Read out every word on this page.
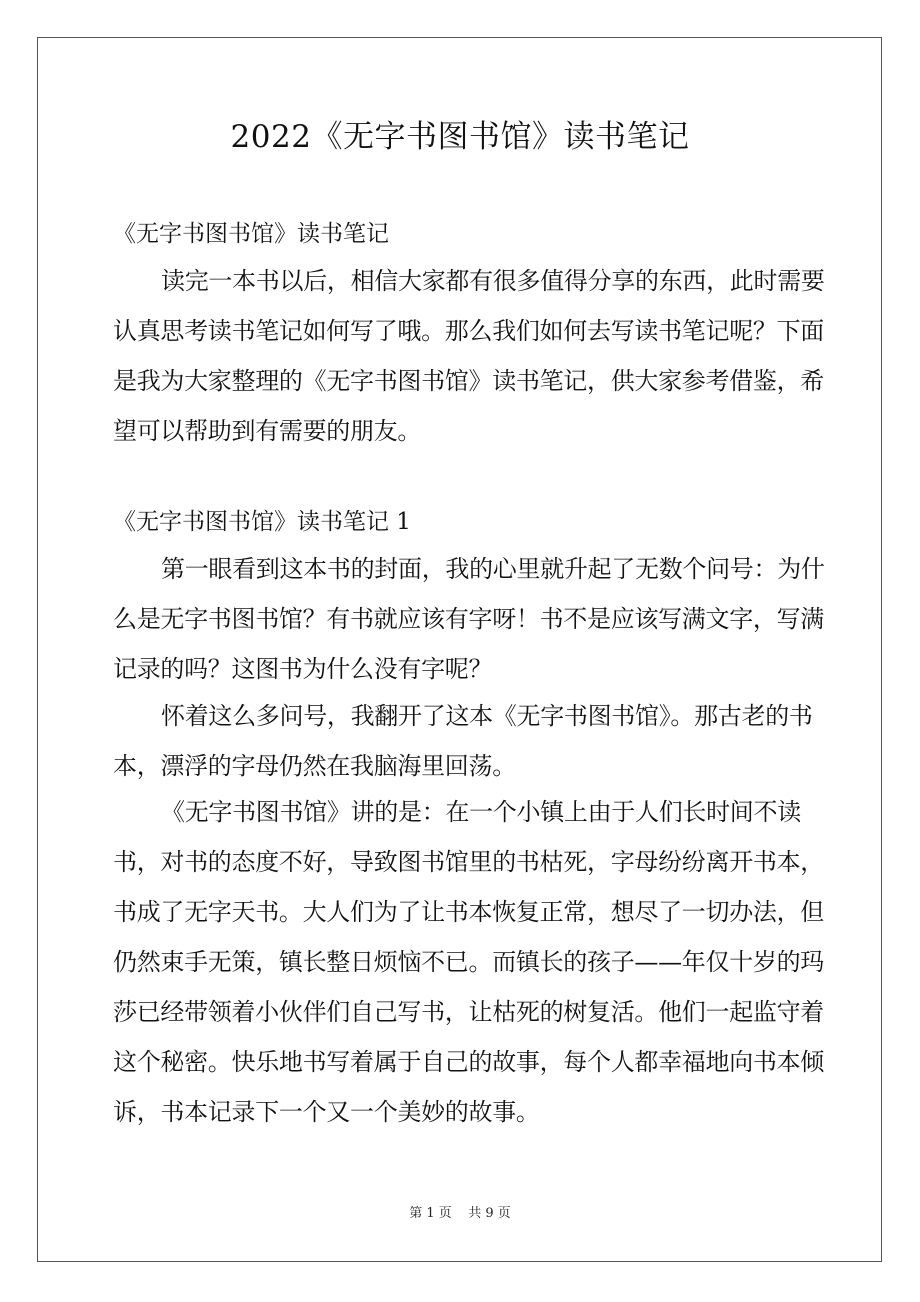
2022《无字书图书馆》读书笔记
《无字书图书馆》读书笔记

读完一本书以后，相信大家都有很多值得分享的东西，此时需要认真思考读书笔记如何写了哦。那么我们如何去写读书笔记呢？下面是我为大家整理的《无字书图书馆》读书笔记，供大家参考借鉴，希望可以帮助到有需要的朋友。

《无字书图书馆》读书笔记 1

第一眼看到这本书的封面，我的心里就升起了无数个问号：为什么是无字书图书馆？有书就应该有字呀！书不是应该写满文字，写满记录的吗？这图书为什么没有字呢？

怀着这么多问号，我翻开了这本《无字书图书馆》。那古老的书本，漂浮的字母仍然在我脑海里回荡。

《无字书图书馆》讲的是：在一个小镇上由于人们长时间不读书，对书的态度不好，导致图书馆里的书枯死，字母纷纷离开书本，书成了无字天书。大人们为了让书本恢复正常，想尽了一切办法，但仍然束手无策，镇长整日烦恼不已。而镇长的孩子——年仅十岁的玛莎已经带领着小伙伴们自己写书，让枯死的树复活。他们一起监守着这个秘密。快乐地书写着属于自己的故事，每个人都幸福地向书本倾诉，书本记录下一个又一个美妙的故事。

第 1 页    共 9 页
